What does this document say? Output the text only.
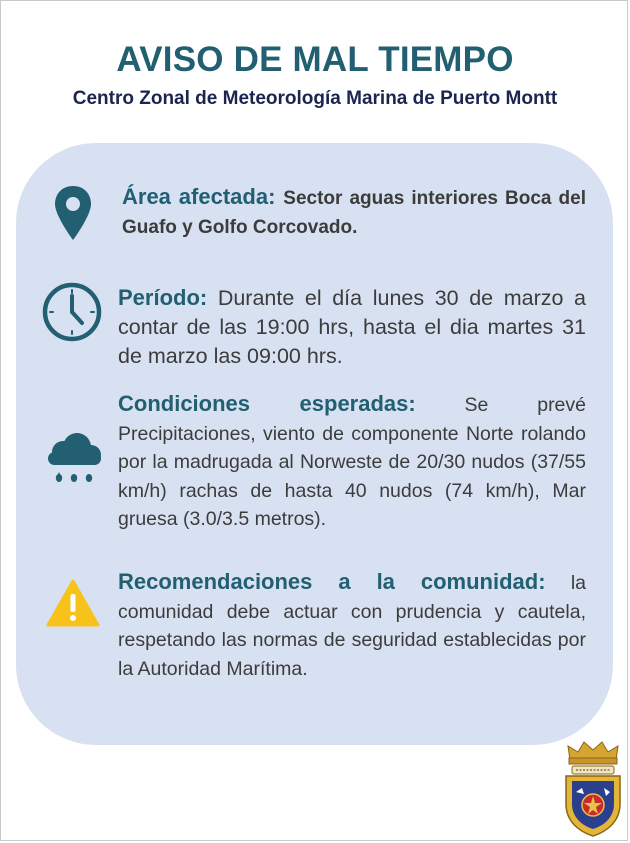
AVISO DE MAL TIEMPO
Centro Zonal de Meteorología Marina de Puerto Montt
Área afectada: Sector aguas interiores Boca del Guafo y Golfo Corcovado.
Período: Durante el día lunes 30 de marzo a contar de las 19:00 hrs, hasta el dia martes 31 de marzo las 09:00 hrs.
Condiciones esperadas: Se prevé Precipitaciones, viento de componente Norte rolando por la madrugada al Norweste de 20/30 nudos (37/55 km/h) rachas de hasta 40 nudos (74 km/h), Mar gruesa (3.0/3.5 metros).
Recomendaciones a la comunidad: la comunidad debe actuar con prudencia y cautela, respetando las normas de seguridad establecidas por la Autoridad Marítima.
